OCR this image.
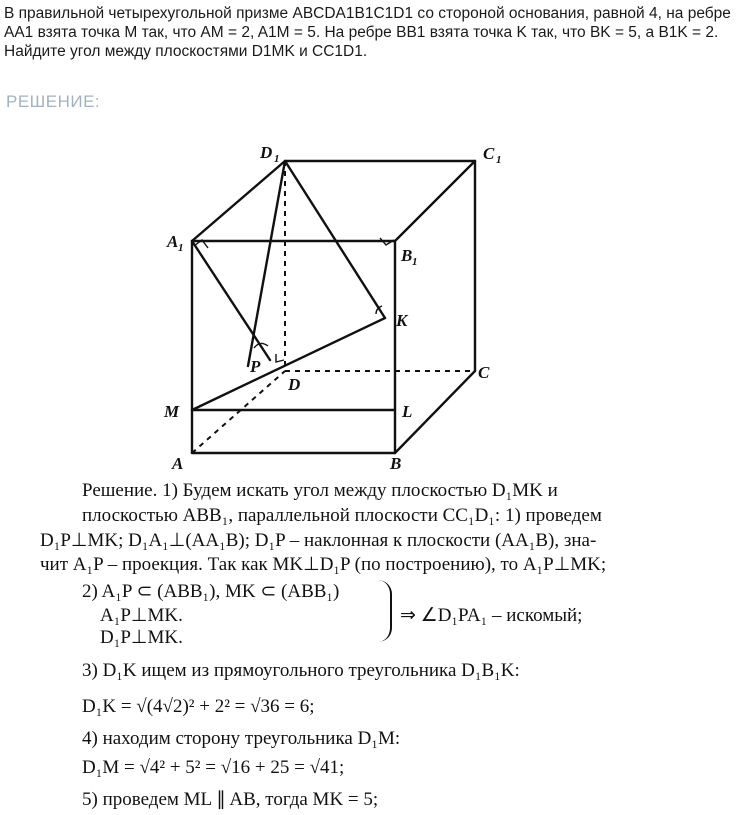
В правильной четырехугольной призме ABCDA1B1C1D1 со стороной основания, равной 4, на ребре AA1 взята точка M так, что AM = 2, A1M = 5. На ребре BB1 взята точка K так, что BK = 5, а B1K = 2. Найдите угол между плоскостями D1MK и CC1D1.
РЕШЕНИЕ:
D 1	C 1
A 1	B 1
K
P
D
C
M	L
A	B
Решение. 1) Будем искать угол между плоскостью D₁MK и
плоскостью ABB₁, параллельной плоскости CC₁D₁: 1) проведем
D₁P⊥MK; D₁A₁⊥(AA₁B); D₁P – наклонная к плоскости (AA₁B), зна-
чит A₁P – проекция. Так как MK⊥D₁P (по построению), то A₁P⊥MK;
2) A₁P ⊂ (ABB₁), MK ⊂ (ABB₁)
A₁P⊥MK.
D₁P⊥MK.
⇒ ∠D₁PA₁ – искомый;
3) D₁K ищем из прямоугольного треугольника D₁B₁K:
D₁K = √(4√2)² + 2² = √36 = 6;
4) находим сторону треугольника D₁M:
D₁M = √4² + 5² = √16 + 25 = √41;
5) проведем ML ∥ AB, тогда MK = 5;
